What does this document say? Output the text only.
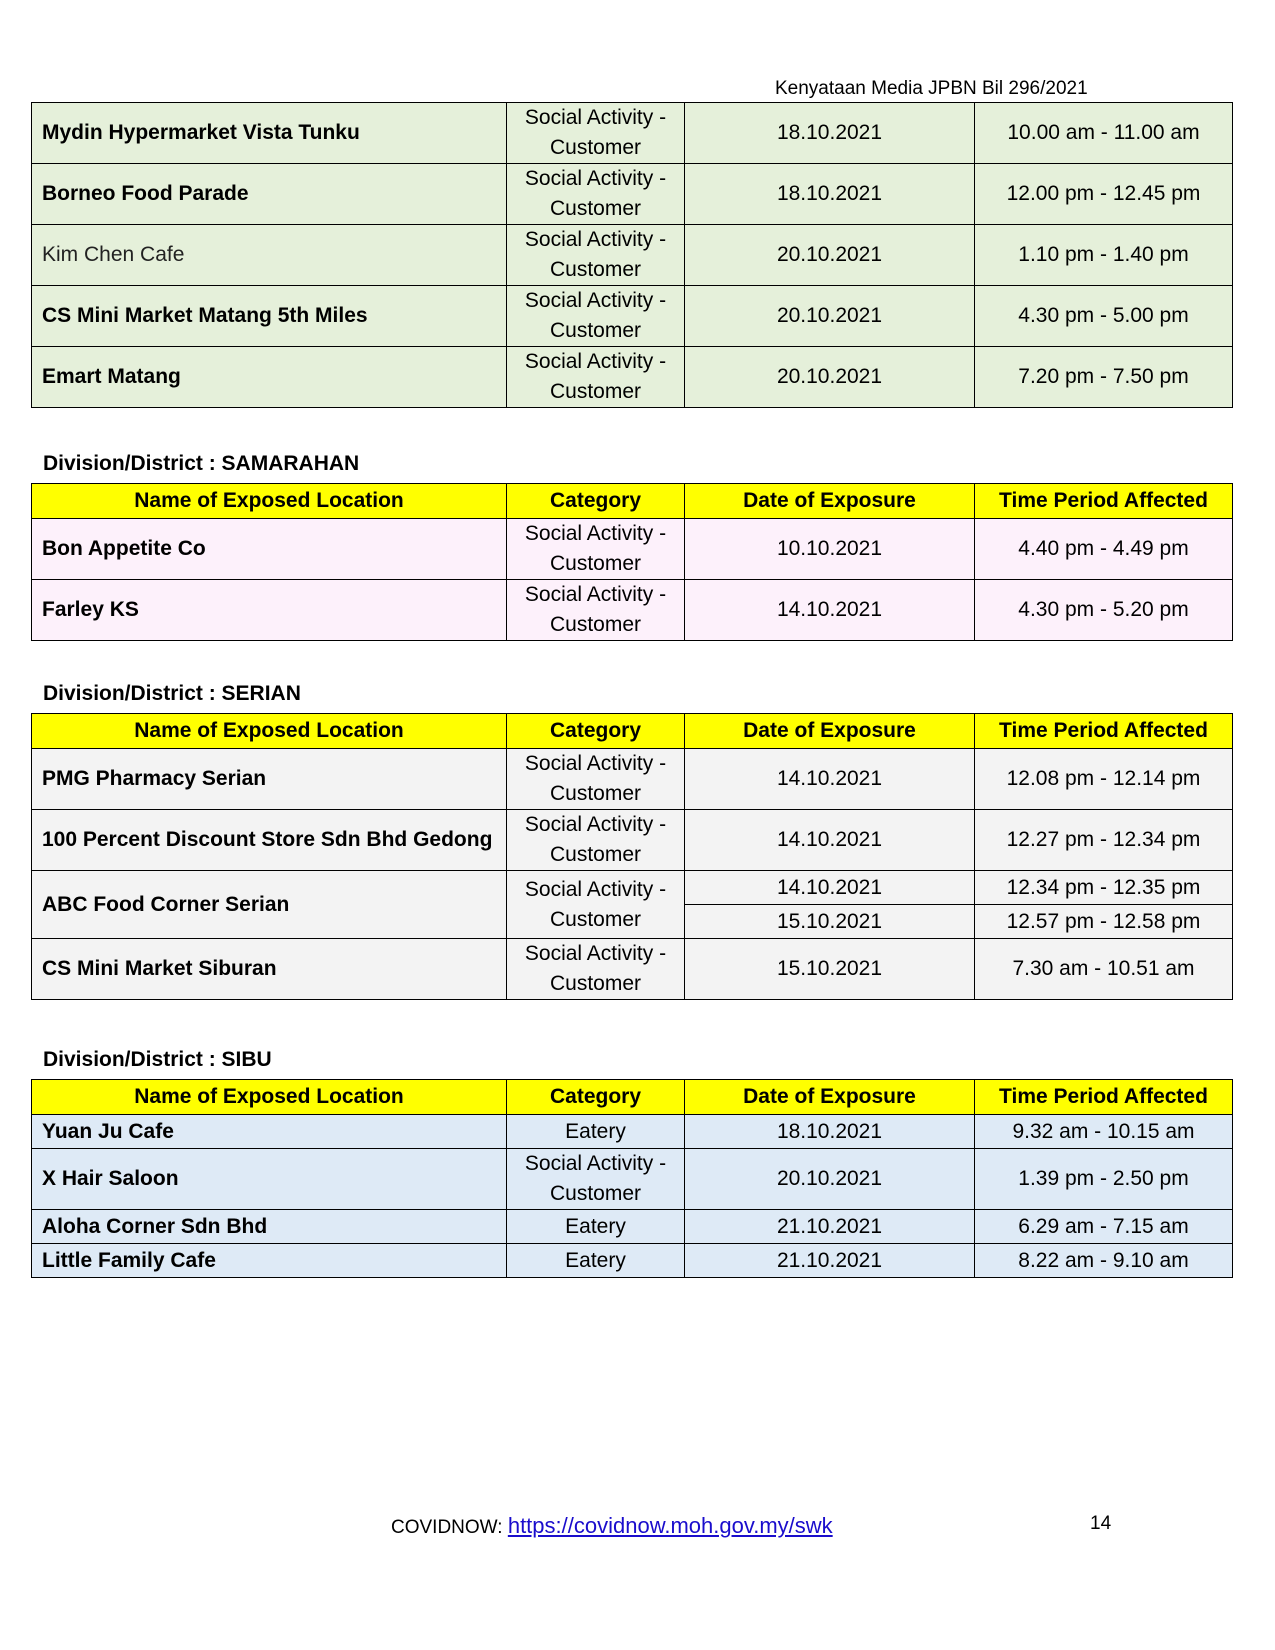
Kenyataan Media JPBN Bil 296/2021
Mydin Hypermarket Vista Tunku	Social Activity - Customer	18.10.2021	10.00 am - 11.00 am
Borneo Food Parade	Social Activity - Customer	18.10.2021	12.00 pm - 12.45 pm
Kim Chen Cafe	Social Activity - Customer	20.10.2021	1.10 pm - 1.40 pm
CS Mini Market Matang 5th Miles	Social Activity - Customer	20.10.2021	4.30 pm - 5.00 pm
Emart Matang	Social Activity - Customer	20.10.2021	7.20 pm - 7.50 pm
Division/District : SAMARAHAN
Name of Exposed Location	Category	Date of Exposure	Time Period Affected
Bon Appetite Co	Social Activity - Customer	10.10.2021	4.40 pm - 4.49 pm
Farley KS	Social Activity - Customer	14.10.2021	4.30 pm - 5.20 pm
Division/District : SERIAN
Name of Exposed Location	Category	Date of Exposure	Time Period Affected
PMG Pharmacy Serian	Social Activity - Customer	14.10.2021	12.08 pm - 12.14 pm
100 Percent Discount Store Sdn Bhd Gedong	Social Activity - Customer	14.10.2021	12.27 pm - 12.34 pm
ABC Food Corner Serian	Social Activity - Customer	14.10.2021	12.34 pm - 12.35 pm
		15.10.2021	12.57 pm - 12.58 pm
CS Mini Market Siburan	Social Activity - Customer	15.10.2021	7.30 am - 10.51 am
Division/District : SIBU
Name of Exposed Location	Category	Date of Exposure	Time Period Affected
Yuan Ju Cafe	Eatery	18.10.2021	9.32 am - 10.15 am
X Hair Saloon	Social Activity - Customer	20.10.2021	1.39 pm - 2.50 pm
Aloha Corner Sdn Bhd	Eatery	21.10.2021	6.29 am - 7.15 am
Little Family Cafe	Eatery	21.10.2021	8.22 am - 9.10 am
COVIDNOW: https://covidnow.moh.gov.my/swk	14
